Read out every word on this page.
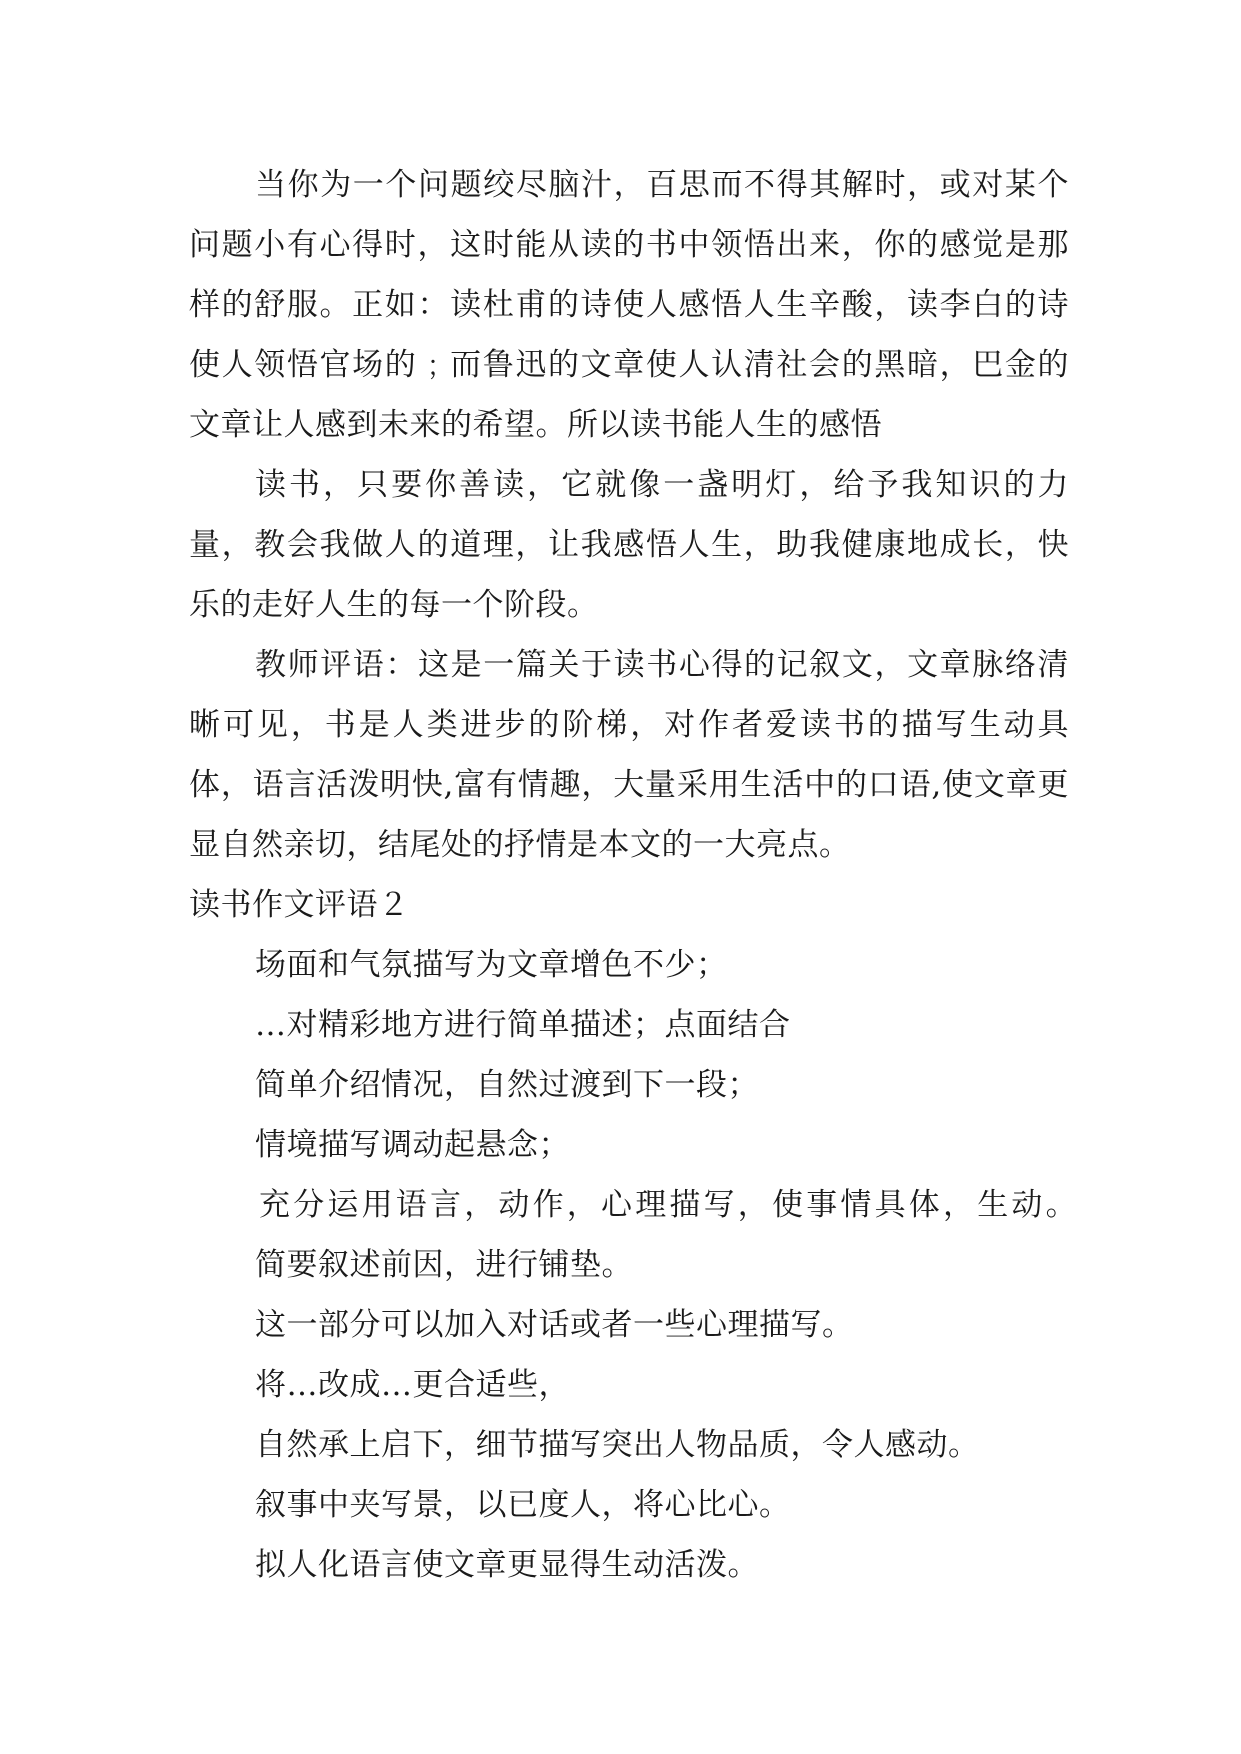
当你为一个问题绞尽脑汁，百思而不得其解时，或对某个问题小有心得时，这时能从读的书中领悟出来，你的感觉是那样的舒服。正如：读杜甫的诗使人感悟人生辛酸，读李白的诗使人领悟官场的﹔而鲁迅的文章使人认清社会的黑暗，巴金的文章让人感到未来的希望。所以读书能人生的感悟

读书，只要你善读，它就像一盏明灯，给予我知识的力量，教会我做人的道理，让我感悟人生，助我健康地成长，快乐的走好人生的每一个阶段。

教师评语：这是一篇关于读书心得的记叙文，文章脉络清晰可见，书是人类进步的阶梯，对作者爱读书的描写生动具体，语言活泼明快,富有情趣，大量采用生活中的口语,使文章更显自然亲切，结尾处的抒情是本文的一大亮点。

读书作文评语２

场面和气氛描写为文章增色不少；
…对精彩地方进行简单描述；点面结合
简单介绍情况，自然过渡到下一段；
情境描写调动起悬念；
充分运用语言，动作，心理描写，使事情具体，生动。
简要叙述前因，进行铺垫。
这一部分可以加入对话或者一些心理描写。
将…改成…更合适些，
自然承上启下，细节描写突出人物品质，令人感动。
叙事中夹写景，以已度人，将心比心。
拟人化语言使文章更显得生动活泼。
